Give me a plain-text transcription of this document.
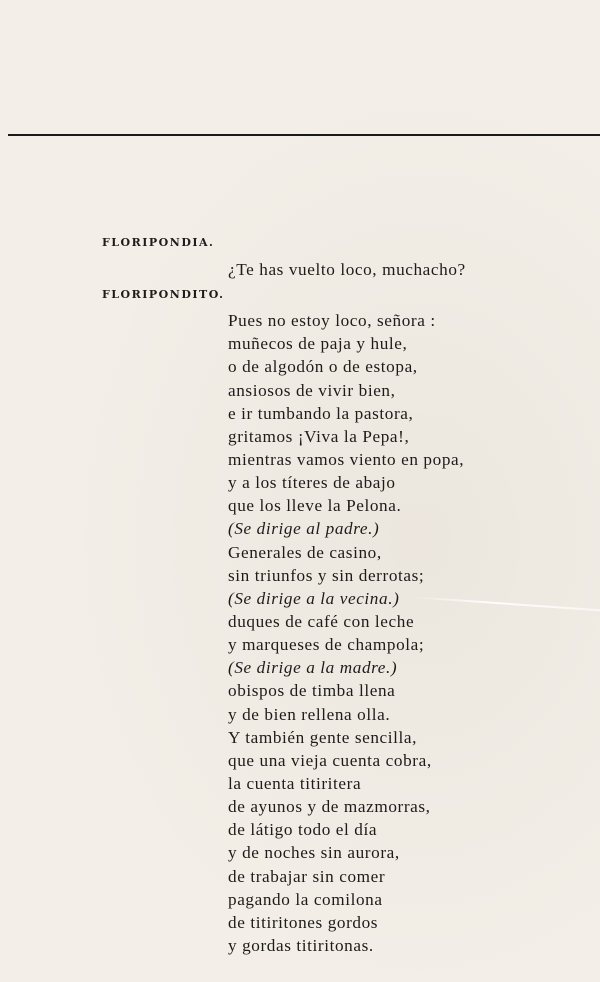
FLORIPONDIA.
FLORIPONDITO.
¿Te has vuelto loco, muchacho?
Pues no estoy loco, señora :
muñecos de paja y hule,
o de algodón o de estopa,
ansiosos de vivir bien,
e ir tumbando la pastora,
gritamos ¡Viva la Pepa!,
mientras vamos viento en popa,
y a los títeres de abajo
que los lleve la Pelona.
(Se dirige al padre.)
Generales de casino,
sin triunfos y sin derrotas;
(Se dirige a la vecina.)
duques de café con leche
y marqueses de champola;
(Se dirige a la madre.)
obispos de timba llena
y de bien rellena olla.
Y también gente sencilla,
que una vieja cuenta cobra,
la cuenta titiritera
de ayunos y de mazmorras,
de látigo todo el día
y de noches sin aurora,
de trabajar sin comer
pagando la comilona
de titiritones gordos
y gordas titiritonas.
